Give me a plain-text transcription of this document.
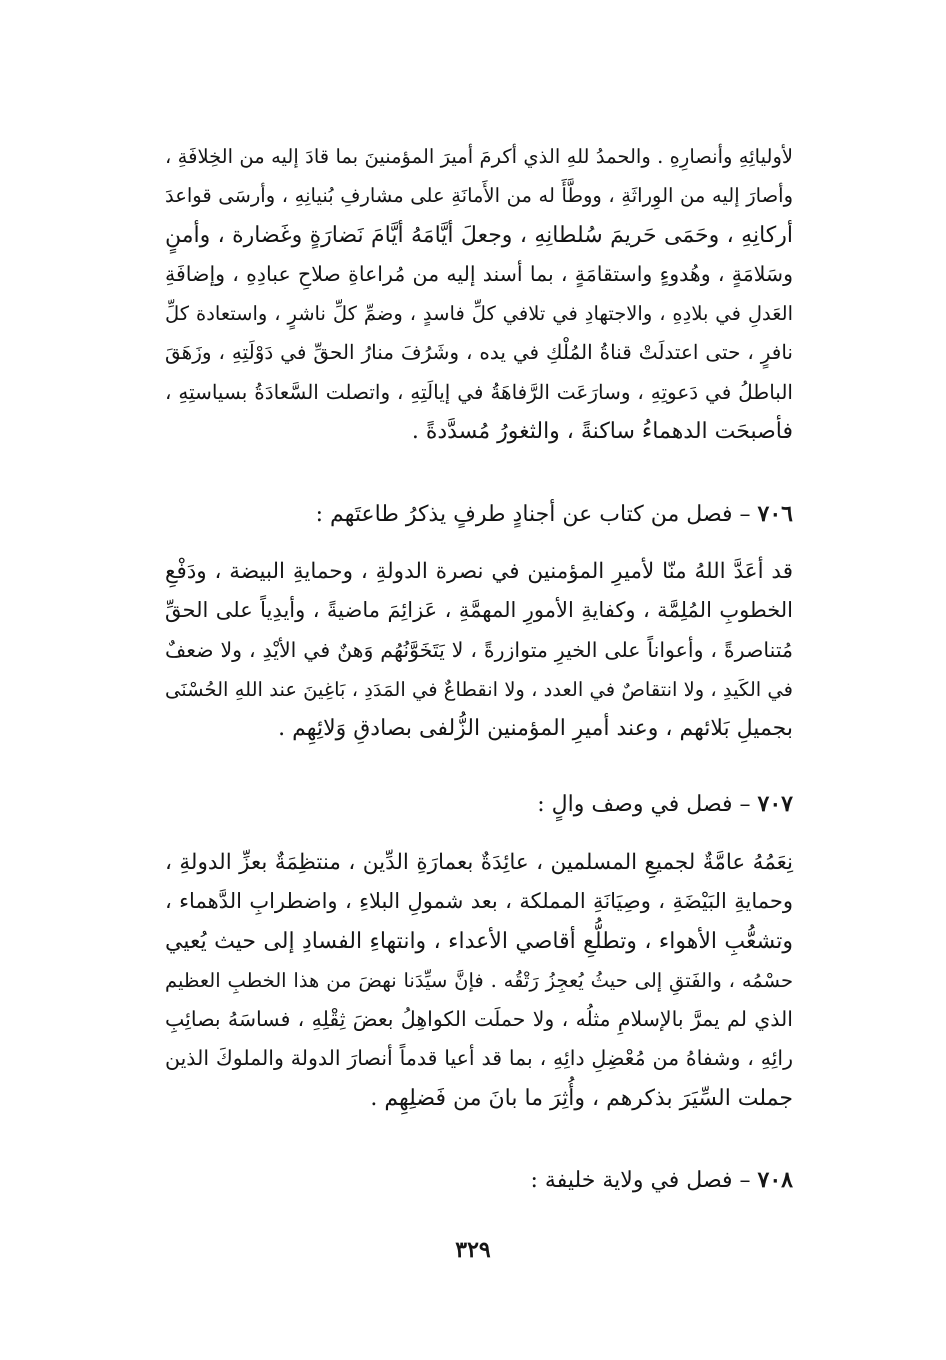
لأوليائِهِ وأنصارِهِ . والحمدُ للهِ الذي أكرمَ أميرَ المؤمنينَ بما قادَ إليه من الخِلافَةِ ،
وأصارَ إليه من الوِراثَةِ ، ووطَّأَ له من الأَمانَةِ على مشارفِ بُنيانِهِ ، وأرسَى قواعدَ
أركانِهِ ، وحَمَى حَريمَ سُلطانِهِ ، وجعلَ أيَّامَهُ أيَّامَ نَضارَةٍ وغَضارة ، وأمنٍ
وسَلامَةٍ ، وهُدوءٍ واستقامَةٍ ، بما أسند إليه من مُراعاةِ صلاحِ عبادِهِ ، وإضافَةِ
العَدلِ في بلادِهِ ، والاجتهادِ في تلافي كلِّ فاسدٍ ، وضمِّ كلِّ ناشرٍ ، واستعادة كلِّ
نافرٍ ، حتى اعتدلَتْ قناةُ المُلْكِ في يده ، وشَرُفَ منارُ الحقِّ في دَوْلَتِهِ ، وزَهَقَ
الباطلُ في دَعوتِهِ ، وسارَعَت الرَّفاهَةُ في إيالَتِهِ ، واتصلت السَّعادَةُ بسياستِهِ ،
فأصبحَت الدهماءُ ساكنةً ، والثغورُ مُسدَّدةً .
٧٠٦ – فصل من كتاب عن أجنادٍ طرفٍ يذكرُ طاعتَهم :
قد أعَدَّ اللهُ منّا لأميرِ المؤمنين في نصرة الدولةِ ، وحمايةِ البيضة ، ودَفْعِ
الخطوبِ المُلِمَّة ، وكفايةِ الأمورِ المهمَّةِ ، عَزائِمَ ماضيةً ، وأيدِياً على الحقِّ
مُتناصرةً ، وأعواناً على الخيرِ متوازرةً ، لا يَتَخَوَّنُهُم وَهنٌ في الأيْدِ ، ولا ضعفٌ
في الكَيدِ ، ولا انتقاصٌ في العدد ، ولا انقطاعٌ في المَدَدِ ، بَاغِينَ عند اللهِ الحُسْنَى
بجميلِ بَلائهم ، وعند أميرِ المؤمنين الزُّلفى بصادقِ وَلائِهِم .
٧٠٧ – فصل في وصف والٍ :
نِعَمُهُ عامَّةٌ لجميعِ المسلمين ، عائِدَةٌ بعمارَةِ الدِّين ، منتظِمَةٌ بعزِّ الدولةِ ،
وحمايةِ البَيْضَةِ ، وصِيَانَةِ المملكة ، بعد شمولِ البلاءِ ، واضطرابِ الدَّهماء ،
وتشعُّبِ الأهواء ، وتطلُّعِ أقاصي الأعداء ، وانتهاءِ الفسادِ إلى حيث يُعيي
حسْمُه ، والفَتقِ إلى حيثُ يُعجِزُ رَتْقُه . فإنَّ سيِّدَنا نهضَ من هذا الخطبِ العظيم
الذي لم يمرَّ بالإسلامِ مثلُه ، ولا حملَت الكواهِلُ بعضَ ثِقْلِهِ ، فساسَهُ بصائِبِ
رائِهِ ، وشفاهُ من مُعْضِلِ دائِهِ ، بما قد أعيا قدماً أنصارَ الدولة والملوكَ الذين
جملت السِّيَرَ بذكرهم ، وأُثِرَ ما بانَ من فَضلِهِم .
٧٠٨ – فصل في ولاية خليفة :
٣٢٩
